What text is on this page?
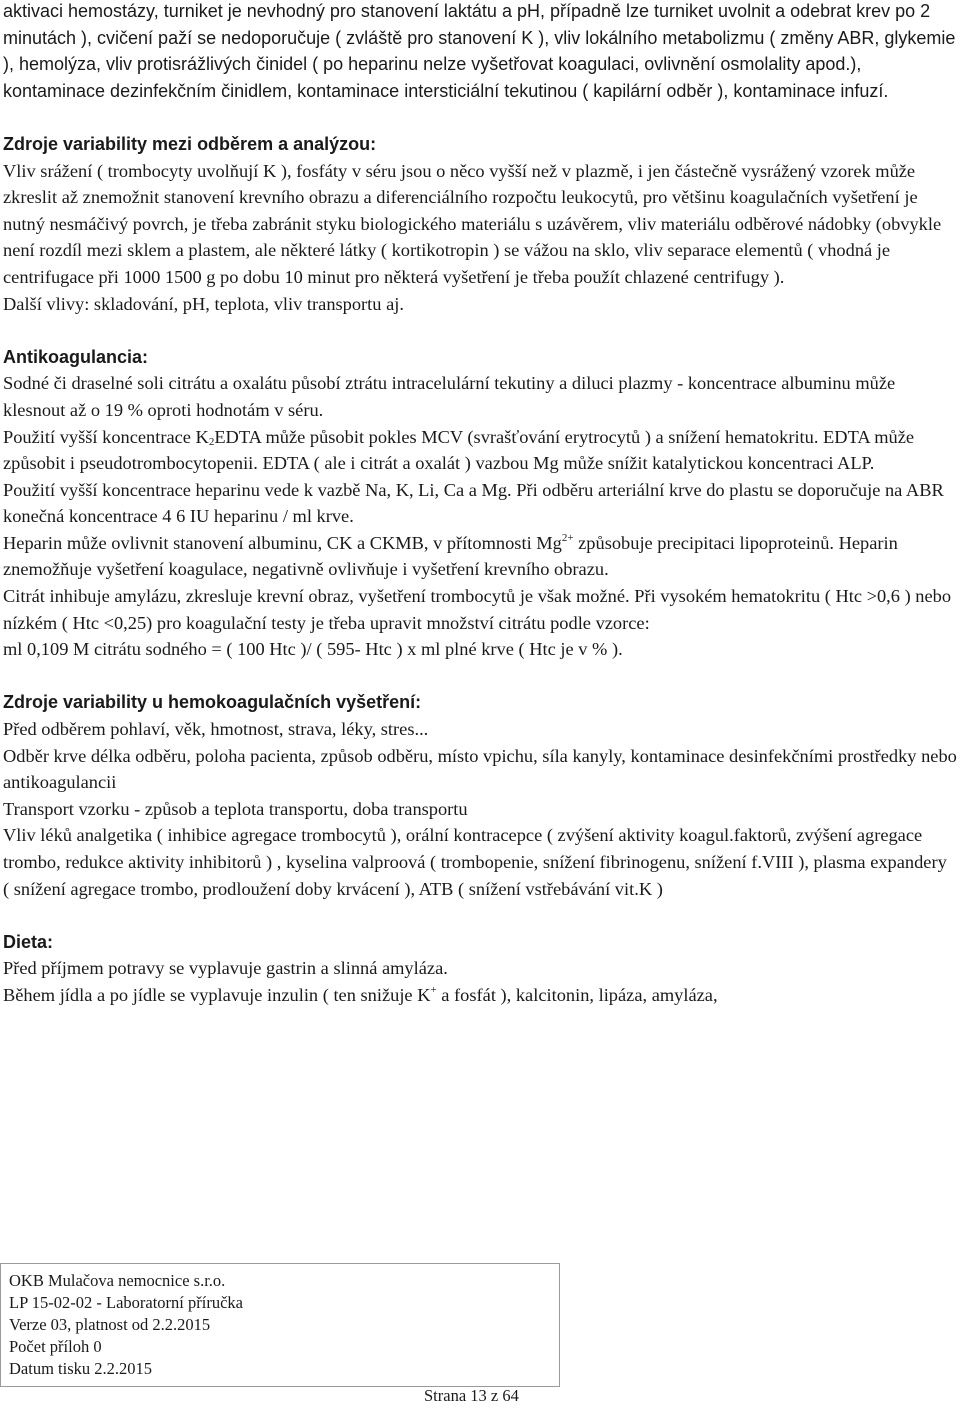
aktivaci hemostázy, turniket je nevhodný pro stanovení laktátu a pH, případně lze turniket uvolnit a odebrat krev po 2 minutách ), cvičení paží se nedoporučuje ( zvláště pro stanovení K ), vliv lokálního metabolizmu ( změny ABR, glykemie ), hemolýza, vliv protisrážlivých činidel ( po heparinu nelze vyšetřovat koagulaci, ovlivnění osmolality apod.), kontaminace dezinfekčním činidlem, kontaminace intersticiální tekutinou ( kapilární odběr ), kontaminace infuzí.

Zdroje variability mezi odběrem a analýzou:

Vliv srážení ( trombocyty uvolňují K ), fosfáty v séru jsou o něco vyšší než v plazmě, i jen částečně vysrážený vzorek může zkreslit až znemožnit stanovení krevního obrazu a diferenciálního rozpočtu leukocytů, pro většinu koagulačních vyšetření je nutný nesmáčivý povrch, je třeba zabránit styku biologického materiálu s uzávěrem, vliv materiálu odběrové nádobky (obvykle není rozdíl mezi sklem a plastem, ale některé látky ( kortikotropin ) se vážou na sklo, vliv separace elementů ( vhodná je centrifugace při 1000 1500 g po dobu 10 minut pro některá vyšetření je třeba použít chlazené centrifugy ).

Další vlivy: skladování, pH, teplota, vliv transportu aj.

Antikoagulancia:

Sodné či draselné soli citrátu a oxalátu působí ztrátu intracelulární tekutiny a diluci plazmy - koncentrace albuminu může klesnout až o 19 % oproti hodnotám v séru.

Použití vyšší koncentrace $K_2EDTA$ může působit pokles MCV (svrašťování erytrocytů ) a snížení hematokritu. EDTA může způsobit i pseudotrombocytopenii. EDTA ( ale i citrát a oxalát ) vazbou Mg může snížit katalytickou koncentraci ALP.

Použití vyšší koncentrace heparinu vede k vazbě Na, K, Li, Ca a Mg. Při odběru arteriální krve do plastu se doporučuje na ABR konečná koncentrace 4 6 IU heparinu / ml krve.

Heparin může ovlivnit stanovení albuminu, CK a CKMB, v přítomnosti $Mg^{2+}$ způsobuje precipitaci lipoproteinů. Heparin znemožňuje vyšetření koagulace, negativně ovlivňuje i vyšetření krevního obrazu.

Citrát inhibuje amylázu, zkresluje krevní obraz, vyšetření trombocytů je však možné. Při vysokém hematokritu ( Htc >0,6 ) nebo nízkém ( Htc <0,25) pro koagulační testy je třeba upravit množství citrátu podle vzorce:

ml 0,109 M citrátu sodného = ( 100 Htc )/ ( 595- Htc ) x ml plné krve ( Htc je v % ).

Zdroje variability u hemokoagulačních vyšetření:

Před odběrem pohlaví, věk, hmotnost, strava, léky, stres...

Odběr krve délka odběru, poloha pacienta, způsob odběru, místo vpichu, síla kanyly, kontaminace desinfekčními prostředky nebo antikoagulancii

Transport vzorku - způsob a teplota transportu, doba transportu

Vliv léků analgetika ( inhibice agregace trombocytů ), orální kontracepce ( zvýšení aktivity koagul.faktorů, zvýšení agregace trombo, redukce aktivity inhibitorů ) , kyselina valproová ( trombopenie, snížení fibrinogenu, snížení f.VIII ), plasma expandery ( snížení agregace trombo, prodloužení doby krvácení ), ATB ( snížení vstřebávání vit.K )

Dieta:

Před příjmem potravy se vyplavuje gastrin a slinná amyláza.

Během jídla a po jídle se vyplavuje inzulin ( ten snižuje K+ a fosfát ), kalcitonin, lipáza, amyláza,

OKB Mulačova nemocnice s.r.o.
LP 15-02-02 - Laboratorní příručka
Verze 03, platnost od 2.2.2015
Počet příloh 0
Datum tisku 2.2.2015
Strana 13 z 64
